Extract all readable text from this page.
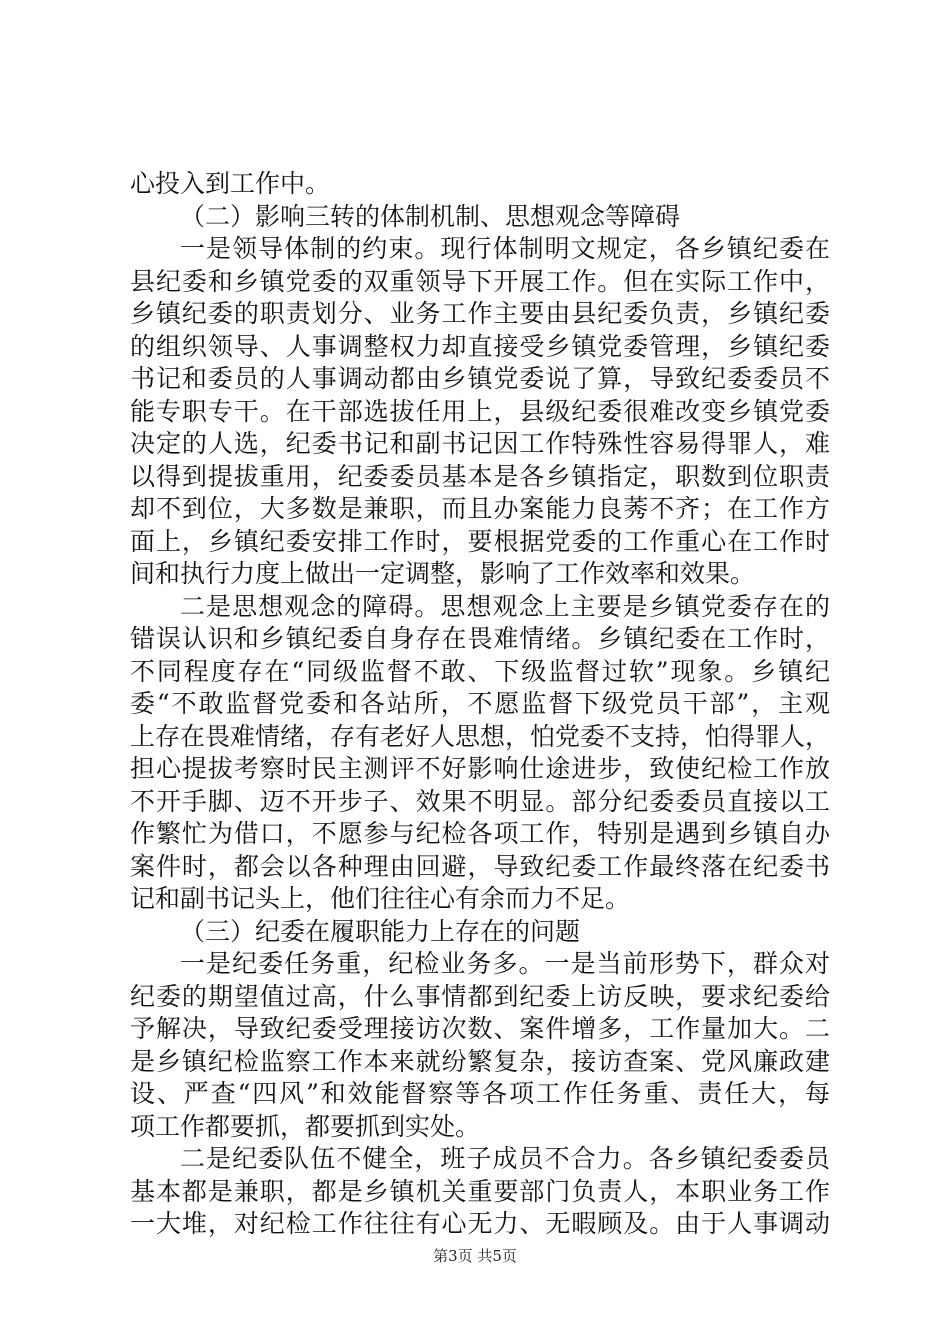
心投入到工作中。
（二）影响三转的体制机制、思想观念等障碍
一是领导体制的约束。现行体制明文规定，各乡镇纪委在
县纪委和乡镇党委的双重领导下开展工作。但在实际工作中，
乡镇纪委的职责划分、业务工作主要由县纪委负责，乡镇纪委
的组织领导、人事调整权力却直接受乡镇党委管理，乡镇纪委
书记和委员的人事调动都由乡镇党委说了算，导致纪委委员不
能专职专干。在干部选拔任用上，县级纪委很难改变乡镇党委
决定的人选，纪委书记和副书记因工作特殊性容易得罪人，难
以得到提拔重用，纪委委员基本是各乡镇指定，职数到位职责
却不到位，大多数是兼职，而且办案能力良莠不齐；在工作方
面上，乡镇纪委安排工作时，要根据党委的工作重心在工作时
间和执行力度上做出一定调整，影响了工作效率和效果。
二是思想观念的障碍。思想观念上主要是乡镇党委存在的
错误认识和乡镇纪委自身存在畏难情绪。乡镇纪委在工作时，
不同程度存在“同级监督不敢、下级监督过软”现象。乡镇纪
委“不敢监督党委和各站所，不愿监督下级党员干部”，主观
上存在畏难情绪，存有老好人思想，怕党委不支持，怕得罪人，
担心提拔考察时民主测评不好影响仕途进步，致使纪检工作放
不开手脚、迈不开步子、效果不明显。部分纪委委员直接以工
作繁忙为借口，不愿参与纪检各项工作，特别是遇到乡镇自办
案件时，都会以各种理由回避，导致纪委工作最终落在纪委书
记和副书记头上，他们往往心有余而力不足。
（三）纪委在履职能力上存在的问题
一是纪委任务重，纪检业务多。一是当前形势下，群众对
纪委的期望值过高，什么事情都到纪委上访反映，要求纪委给
予解决，导致纪委受理接访次数、案件增多，工作量加大。二
是乡镇纪检监察工作本来就纷繁复杂，接访查案、党风廉政建
设、严查“四风”和效能督察等各项工作任务重、责任大，每
项工作都要抓，都要抓到实处。
二是纪委队伍不健全，班子成员不合力。各乡镇纪委委员
基本都是兼职，都是乡镇机关重要部门负责人，本职业务工作
一大堆，对纪检工作往往有心无力、无暇顾及。由于人事调动
第3页 共5页
